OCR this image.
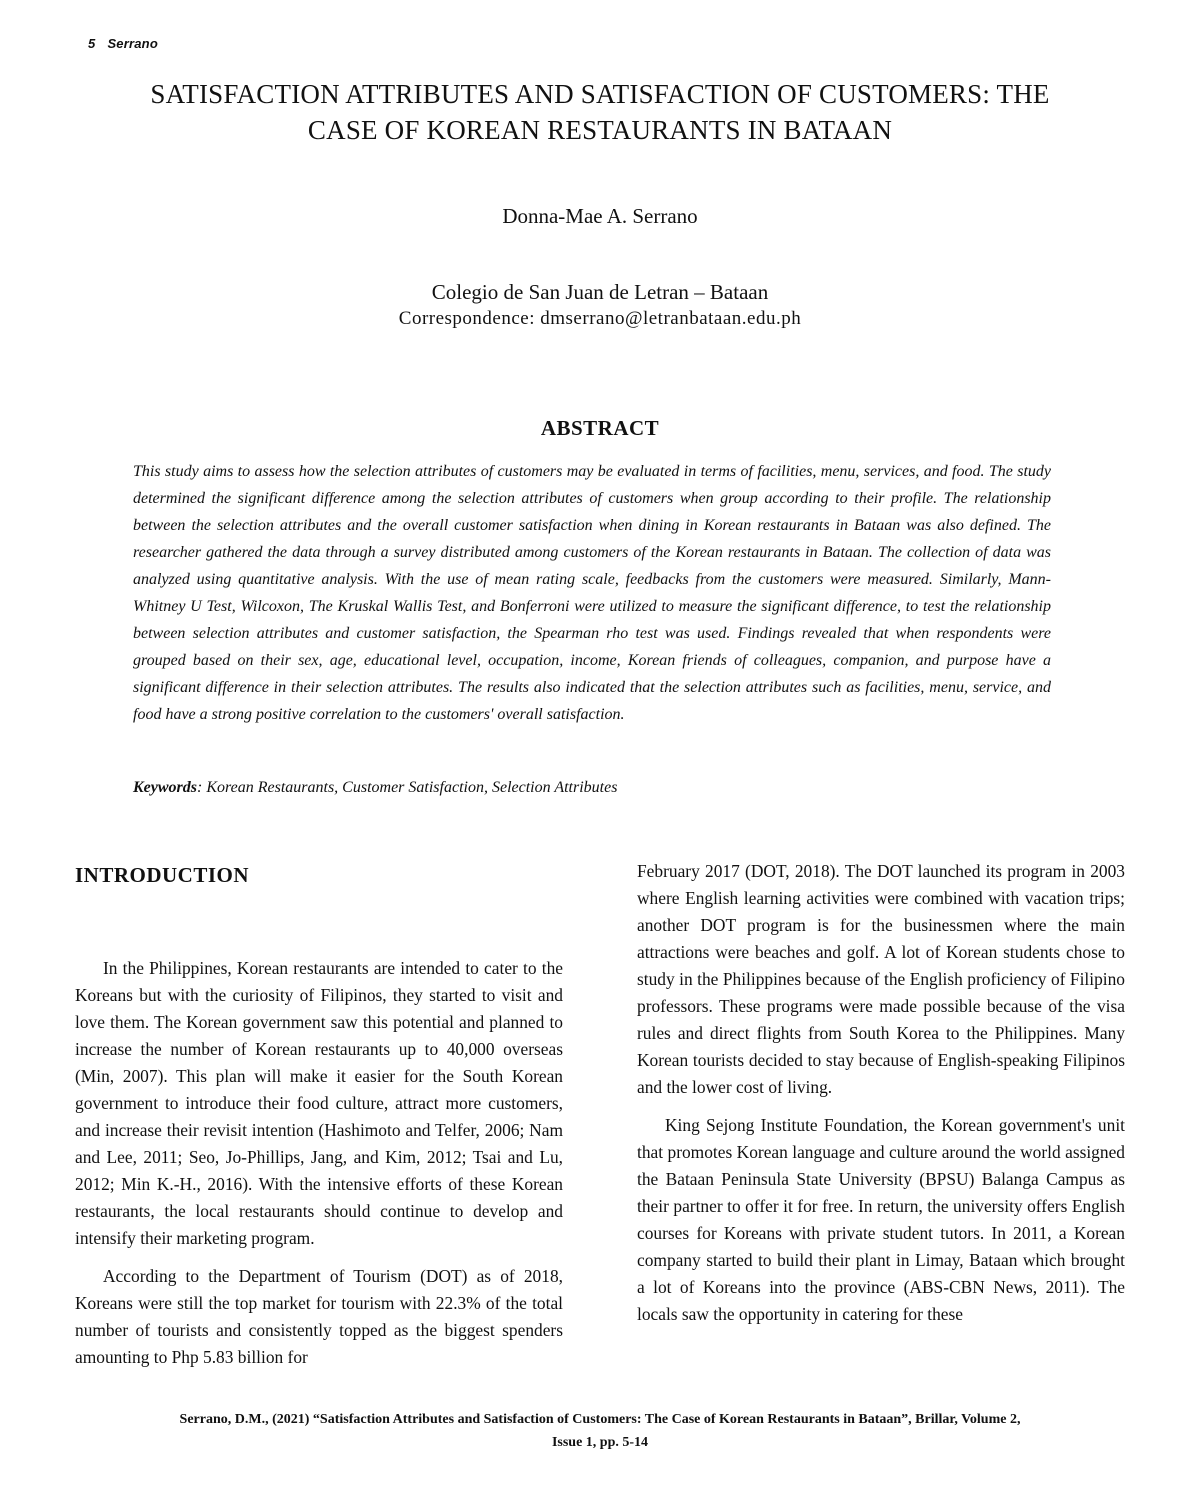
5 Serrano
SATISFACTION ATTRIBUTES AND SATISFACTION OF CUSTOMERS: THE
CASE OF KOREAN RESTAURANTS IN BATAAN
Donna-Mae A. Serrano
Colegio de San Juan de Letran – Bataan
Correspondence: dmserrano@letranbataan.edu.ph
ABSTRACT

This study aims to assess how the selection attributes of customers may be evaluated in terms of facilities, menu, services, and food. The study determined the significant difference among the selection attributes of customers when group according to their profile. The relationship between the selection attributes and the overall customer satisfaction when dining in Korean restaurants in Bataan was also defined. The researcher gathered the data through a survey distributed among customers of the Korean restaurants in Bataan. The collection of data was analyzed using quantitative analysis. With the use of mean rating scale, feedbacks from the customers were measured. Similarly, Mann-Whitney U Test, Wilcoxon, The Kruskal Wallis Test, and Bonferroni were utilized to measure the significant difference, to test the relationship between selection attributes and customer satisfaction, the Spearman rho test was used. Findings revealed that when respondents were grouped based on their sex, age, educational level, occupation, income, Korean friends of colleagues, companion, and purpose have a significant difference in their selection attributes. The results also indicated that the selection attributes such as facilities, menu, service, and food have a strong positive correlation to the customers' overall satisfaction.

Keywords: Korean Restaurants, Customer Satisfaction, Selection Attributes

INTRODUCTION

In the Philippines, Korean restaurants are intended to cater to the Koreans but with the curiosity of Filipinos, they started to visit and love them. The Korean government saw this potential and planned to increase the number of Korean restaurants up to 40,000 overseas (Min, 2007). This plan will make it easier for the South Korean government to introduce their food culture, attract more customers, and increase their revisit intention (Hashimoto and Telfer, 2006; Nam and Lee, 2011; Seo, Jo-Phillips, Jang, and Kim, 2012; Tsai and Lu, 2012; Min K.-H., 2016). With the intensive efforts of these Korean restaurants, the local restaurants should continue to develop and intensify their marketing program.

According to the Department of Tourism (DOT) as of 2018, Koreans were still the top market for tourism with 22.3% of the total number of tourists and consistently topped as the biggest spenders amounting to Php 5.83 billion for

February 2017 (DOT, 2018). The DOT launched its program in 2003 where English learning activities were combined with vacation trips; another DOT program is for the businessmen where the main attractions were beaches and golf. A lot of Korean students chose to study in the Philippines because of the English proficiency of Filipino professors. These programs were made possible because of the visa rules and direct flights from South Korea to the Philippines. Many Korean tourists decided to stay because of English-speaking Filipinos and the lower cost of living.

King Sejong Institute Foundation, the Korean government's unit that promotes Korean language and culture around the world assigned the Bataan Peninsula State University (BPSU) Balanga Campus as their partner to offer it for free. In return, the university offers English courses for Koreans with private student tutors. In 2011, a Korean company started to build their plant in Limay, Bataan which brought a lot of Koreans into the province (ABS-CBN News, 2011). The locals saw the opportunity in catering for these

Serrano, D.M., (2021) “Satisfaction Attributes and Satisfaction of Customers: The Case of Korean Restaurants in Bataan”, Brillar, Volume 2,
Issue 1, pp. 5-14
